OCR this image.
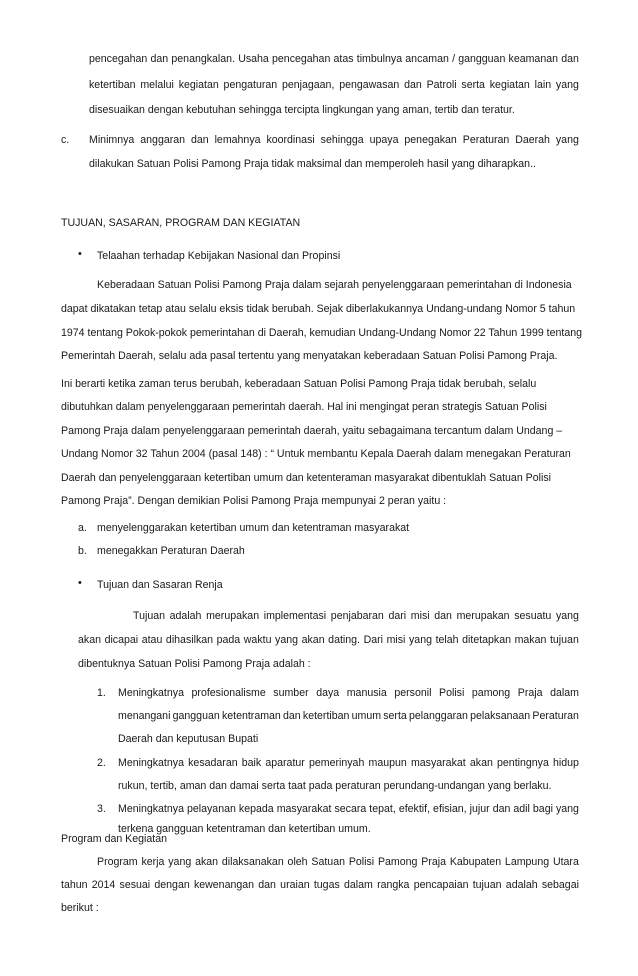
pencegahan dan penangkalan. Usaha pencegahan atas timbulnya ancaman / gangguan keamanan dan
ketertiban melalui kegiatan pengaturan penjagaan, pengawasan dan Patroli serta kegiatan lain yang
disesuaikan dengan kebutuhan sehingga tercipta lingkungan yang aman, tertib dan teratur.
c. Minimnya anggaran dan lemahnya koordinasi sehingga upaya penegakan Peraturan Daerah yang
dilakukan Satuan Polisi Pamong Praja tidak maksimal dan memperoleh hasil yang diharapkan..
TUJUAN, SASARAN, PROGRAM DAN KEGIATAN
• Telaahan terhadap Kebijakan Nasional dan Propinsi
Keberadaan Satuan Polisi Pamong Praja dalam sejarah penyelenggaraan pemerintahan di Indonesia
dapat dikatakan tetap atau selalu eksis tidak berubah. Sejak diberlakukannya Undang-undang Nomor 5 tahun
1974 tentang Pokok-pokok pemerintahan di Daerah, kemudian Undang-Undang Nomor 22 Tahun 1999 tentang
Pemerintah Daerah, selalu ada pasal tertentu yang menyatakan keberadaan Satuan Polisi Pamong Praja.
Ini berarti ketika zaman terus berubah, keberadaan Satuan Polisi Pamong Praja tidak berubah, selalu
dibutuhkan dalam penyelenggaraan pemerintah daerah. Hal ini mengingat peran strategis Satuan Polisi
Pamong Praja dalam penyelenggaraan pemerintah daerah, yaitu sebagaimana tercantum dalam Undang –
Undang Nomor 32 Tahun 2004 (pasal 148) : “ Untuk membantu Kepala Daerah dalam menegakan Peraturan
Daerah dan penyelenggaraan ketertiban umum dan ketenteraman masyarakat dibentuklah Satuan Polisi
Pamong Praja”. Dengan demikian Polisi Pamong Praja mempunyai 2 peran yaitu :
a. menyelenggarakan ketertiban umum dan ketentraman masyarakat
b. menegakkan Peraturan Daerah
• Tujuan dan Sasaran Renja
Tujuan adalah merupakan implementasi penjabaran dari misi dan merupakan sesuatu yang
akan dicapai atau dihasilkan pada waktu yang akan dating. Dari misi yang telah ditetapkan makan tujuan
dibentuknya Satuan Polisi Pamong Praja adalah :
1. Meningkatnya profesionalisme sumber daya manusia personil Polisi pamong Praja dalam
menangani gangguan ketentraman dan ketertiban umum serta pelanggaran pelaksanaan Peraturan
Daerah dan keputusan Bupati
2. Meningkatnya kesadaran baik aparatur pemerinyah maupun masyarakat akan pentingnya hidup
rukun, tertib, aman dan damai serta taat pada peraturan perundang-undangan yang berlaku.
3. Meningkatnya pelayanan kepada masyarakat secara tepat, efektif, efisian, jujur dan adil bagi yang
terkena gangguan ketentraman dan ketertiban umum.
Program dan Kegiatan
Program kerja yang akan dilaksanakan oleh Satuan Polisi Pamong Praja Kabupaten Lampung Utara
tahun 2014 sesuai dengan kewenangan dan uraian tugas dalam rangka pencapaian tujuan adalah sebagai
berikut :
